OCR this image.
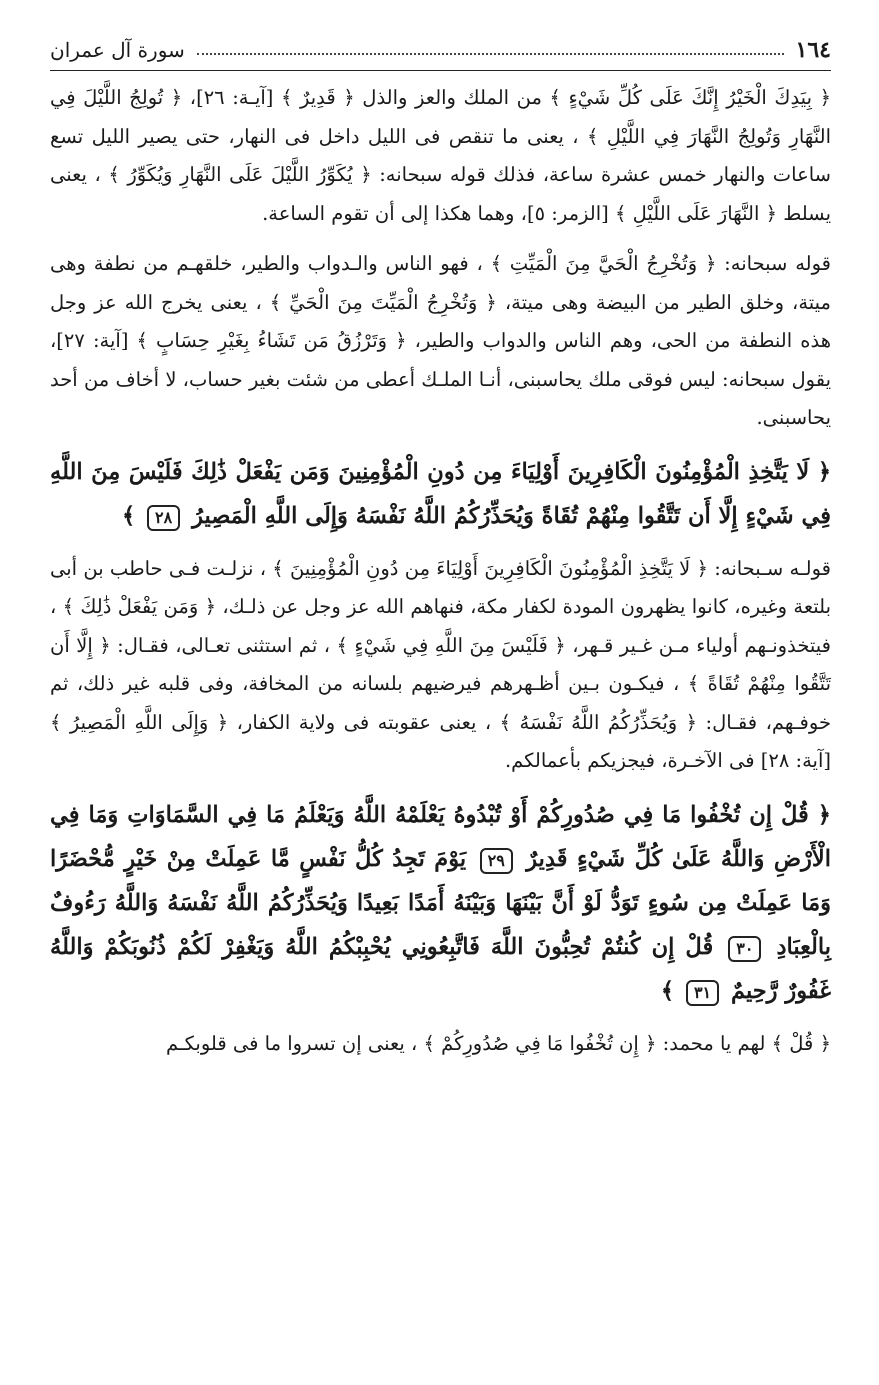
١٦٤
سورة آل عمران

﴿ بِيَدِكَ الْخَيْرُ إِنَّكَ عَلَى كُلِّ شَيْءٍ ﴾ من الملك والعز والذل ﴿ قَدِيرٌ ﴾ [آيـة: ٢٦]، ﴿ تُولِجُ اللَّيْلَ فِي النَّهَارِ وَتُولِجُ النَّهَارَ فِي اللَّيْلِ ﴾ ، يعنى ما تنقص فى الليل داخل فى النهار، حتى يصير الليل تسع ساعات والنهار خمس عشرة ساعة، فذلك قوله سبحانه: ﴿ يُكَوِّرُ اللَّيْلَ عَلَى النَّهَارِ وَيُكَوِّرُ ﴾ ، يعنى يسلط ﴿ النَّهَارَ عَلَى اللَّيْلِ ﴾ [الزمر: ٥]، وهما هكذا إلى أن تقوم الساعة.

قوله سبحانه: ﴿ وَتُخْرِجُ الْحَيَّ مِنَ الْمَيِّتِ ﴾ ، فهو الناس والـدواب والطير، خلقهـم من نطفة وهى ميتة، وخلق الطير من البيضة وهى ميتة، ﴿ وَتُخْرِجُ الْمَيِّتَ مِنَ الْحَيِّ ﴾ ، يعنى يخرج الله عز وجل هذه النطفة من الحى، وهم الناس والدواب والطير، ﴿ وَتَرْزُقُ مَن تَشَاءُ بِغَيْرِ حِسَابٍ ﴾ [آية: ٢٧]، يقول سبحانه: ليس فوقى ملك يحاسبنى، أنـا الملـك أعطى من شئت بغير حساب، لا أخاف من أحد يحاسبنى.

﴿ لَا يَتَّخِذِ الْمُؤْمِنُونَ الْكَافِرِينَ أَوْلِيَاءَ مِن دُونِ الْمُؤْمِنِينَ وَمَن يَفْعَلْ ذَٰلِكَ فَلَيْسَ مِنَ اللَّهِ فِي شَيْءٍ إِلَّا أَن تَتَّقُوا مِنْهُمْ تُقَاةً وَيُحَذِّرُكُمُ اللَّهُ نَفْسَهُ وَإِلَى اللَّهِ الْمَصِيرُ ٢٨ ﴾

قولـه سـبحانه: ﴿ لَا يَتَّخِذِ الْمُؤْمِنُونَ الْكَافِرِينَ أَوْلِيَاءَ مِن دُونِ الْمُؤْمِنِينَ ﴾ ، نزلـت فـى حاطب بن أبى بلتعة وغيره، كانوا يظهرون المودة لكفار مكة، فنهاهم الله عز وجل عن ذلـك، ﴿ وَمَن يَفْعَلْ ذَٰلِكَ ﴾ ، فيتخذونـهم أولياء مـن غـير قـهر، ﴿ فَلَيْسَ مِنَ اللَّهِ فِي شَيْءٍ ﴾ ، ثم استثنى تعـالى، فقـال: ﴿ إِلَّا أَن تَتَّقُوا مِنْهُمْ تُقَاةً ﴾ ، فيكـون بـين أظـهرهم فيرضيهم بلسانه من المخافة، وفى قلبه غير ذلك، ثم خوفـهم، فقـال: ﴿ وَيُحَذِّرُكُمُ اللَّهُ نَفْسَهُ ﴾ ، يعنى عقوبته فى ولاية الكفار، ﴿ وَإِلَى اللَّهِ الْمَصِيرُ ﴾ [آية: ٢٨] فى الآخـرة، فيجزيكم بأعمالكم.

﴿ قُلْ إِن تُخْفُوا مَا فِي صُدُورِكُمْ أَوْ تُبْدُوهُ يَعْلَمْهُ اللَّهُ وَيَعْلَمُ مَا فِي السَّمَاوَاتِ وَمَا فِي الْأَرْضِ وَاللَّهُ عَلَىٰ كُلِّ شَيْءٍ قَدِيرٌ ٢٩ يَوْمَ تَجِدُ كُلُّ نَفْسٍ مَّا عَمِلَتْ مِنْ خَيْرٍ مُّحْضَرًا وَمَا عَمِلَتْ مِن سُوءٍ تَوَدُّ لَوْ أَنَّ بَيْنَهَا وَبَيْنَهُ أَمَدًا بَعِيدًا وَيُحَذِّرُكُمُ اللَّهُ نَفْسَهُ وَاللَّهُ رَءُوفٌ بِالْعِبَادِ ٣٠ قُلْ إِن كُنتُمْ تُحِبُّونَ اللَّهَ فَاتَّبِعُونِي يُحْبِبْكُمُ اللَّهُ وَيَغْفِرْ لَكُمْ ذُنُوبَكُمْ وَاللَّهُ غَفُورٌ رَّحِيمٌ ٣١ ﴾

﴿ قُلْ ﴾ لهم يا محمد: ﴿ إِن تُخْفُوا مَا فِي صُدُورِكُمْ ﴾ ، يعنى إن تسروا ما فى قلوبكـم
